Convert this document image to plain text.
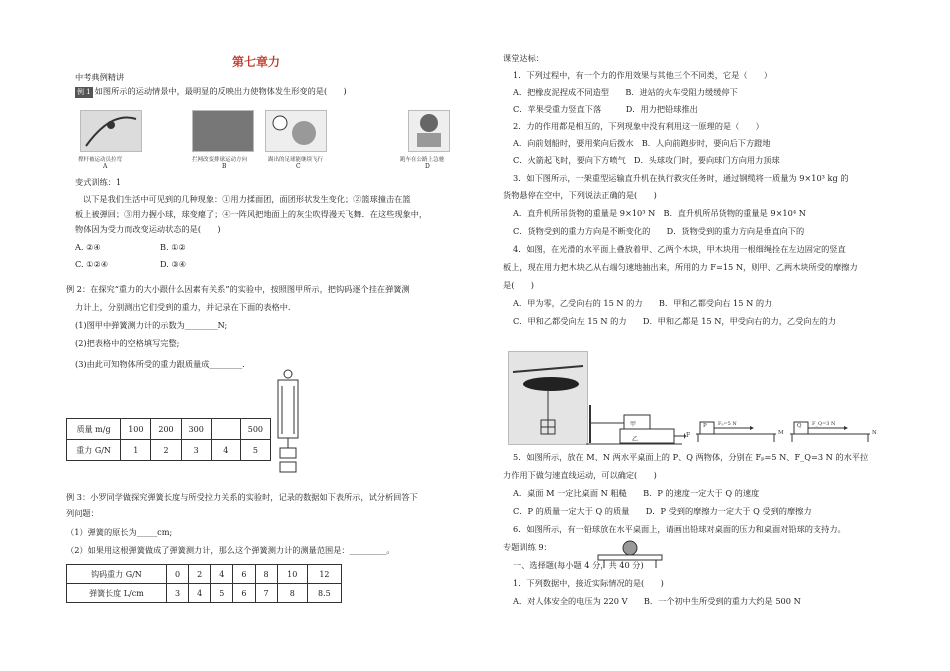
第七章力
中考典例精讲
例 1 如图所示的运动情景中，最明显的反映出力使物体发生形变的是(　　)
撑杆被运动员拉弯
A
拦网改变排球运动方向
B
踢出的足球能继续飞行
C
跑车在公路上急驰
D
变式训练：1
以下是我们生活中可见到的几种现象：①用力揉面团，面团形状发生变化；②篮球撞击在篮
板上被弹回；③用力握小球，球变瘪了；④一阵风把地面上的灰尘吹得漫天飞舞．在这些现象中，
物体因为受力而改变运动状态的是(　　)
A. ②④	B. ①②
C. ①②④	D. ③④
例 2：在探究“重力的大小跟什么因素有关系”的实验中，按照图甲所示，把钩码逐个挂在弹簧测
力计上，分别测出它们受到的重力，并记录在下面的表格中.
(1)图甲中弹簧测力计的示数为________N;
(2)把表格中的空格填写完整;
(3)由此可知物体所受的重力跟质量成________.
质量 m/g	100	200	300		500
重力 G/N	1	2	3	4	5
例 3：小罗同学做探究弹簧长度与所受拉力关系的实验时，记录的数据如下表所示，试分析回答下
列问题：
（1）弹簧的原长为_____cm;
（2）如果用这根弹簧做成了弹簧测力计，那么这个弹簧测力计的测量范围是：_________。
钩码重力 G/N	0	2	4	6	8	10	12
弹簧长度 L/cm	3	4	5	6	7	8	8.5
课堂达标：
1．下列过程中，有一个力的作用效果与其他三个不同类，它是（　　）
A．把橡皮泥捏成不同造型　　B．进站的火车受阻力缓缓停下
C．苹果受重力竖直下落　　　D．用力把铅球推出
2．力的作用都是相互的，下列现象中没有利用这一原理的是（　　）
A．向前划船时，要用桨向后拨水　B．人向前跑步时，要向后下方蹬地
C．火箭起飞时，要向下方喷气　D．头球攻门时，要向球门方向用力顶球
3．如下图所示，一架重型运输直升机在执行救灾任务时，通过钢缆将一质量为 9×10³ kg 的
货物悬停在空中，下列说法正确的是(　　)
A．直升机所吊货物的重量是 9×10³ N　B．直升机所吊货物的重量是 9×10⁴ N
C．货物受到的重力方向是不断变化的　　D．货物受到的重力方向是垂直向下的
4．如图，在光滑的水平面上叠放着甲、乙两个木块，甲木块用一根细绳拴在左边固定的竖直
板上，现在用力把木块乙从右端匀速地抽出来，所用的力 F=15 N，则甲、乙两木块所受的摩擦力
是(　　)
A．甲为零，乙受向右的 15 N 的力　　B．甲和乙都受向右 15 N 的力
C．甲和乙都受向左 15 N 的力　　D．甲和乙都是 15 N，甲受向右的力，乙受向左的力
甲
乙
F
P Fₚ=5 N
M
Q F_Q=3 N
N
5．如图所示，放在 M、N 两水平桌面上的 P、Q 两物体，分别在 Fₚ=5 N、F_Q=3 N 的水平拉
力作用下做匀速直线运动，可以确定(　　)
A．桌面 M 一定比桌面 N 粗糙　　B．P 的速度一定大于 Q 的速度
C．P 的质量一定大于 Q 的质量　　D．P 受到的摩擦力一定大于 Q 受到的摩擦力
6．如图所示，有一铅球放在水平桌面上，请画出铅球对桌面的压力和桌面对铅球的支持力。
专题训练 9：
一、选择题(每小题 4 分，共 40 分)
1．下列数据中，接近实际情况的是(　　)
A．对人体安全的电压为 220 V　　B．一个初中生所受到的重力大约是 500 N
